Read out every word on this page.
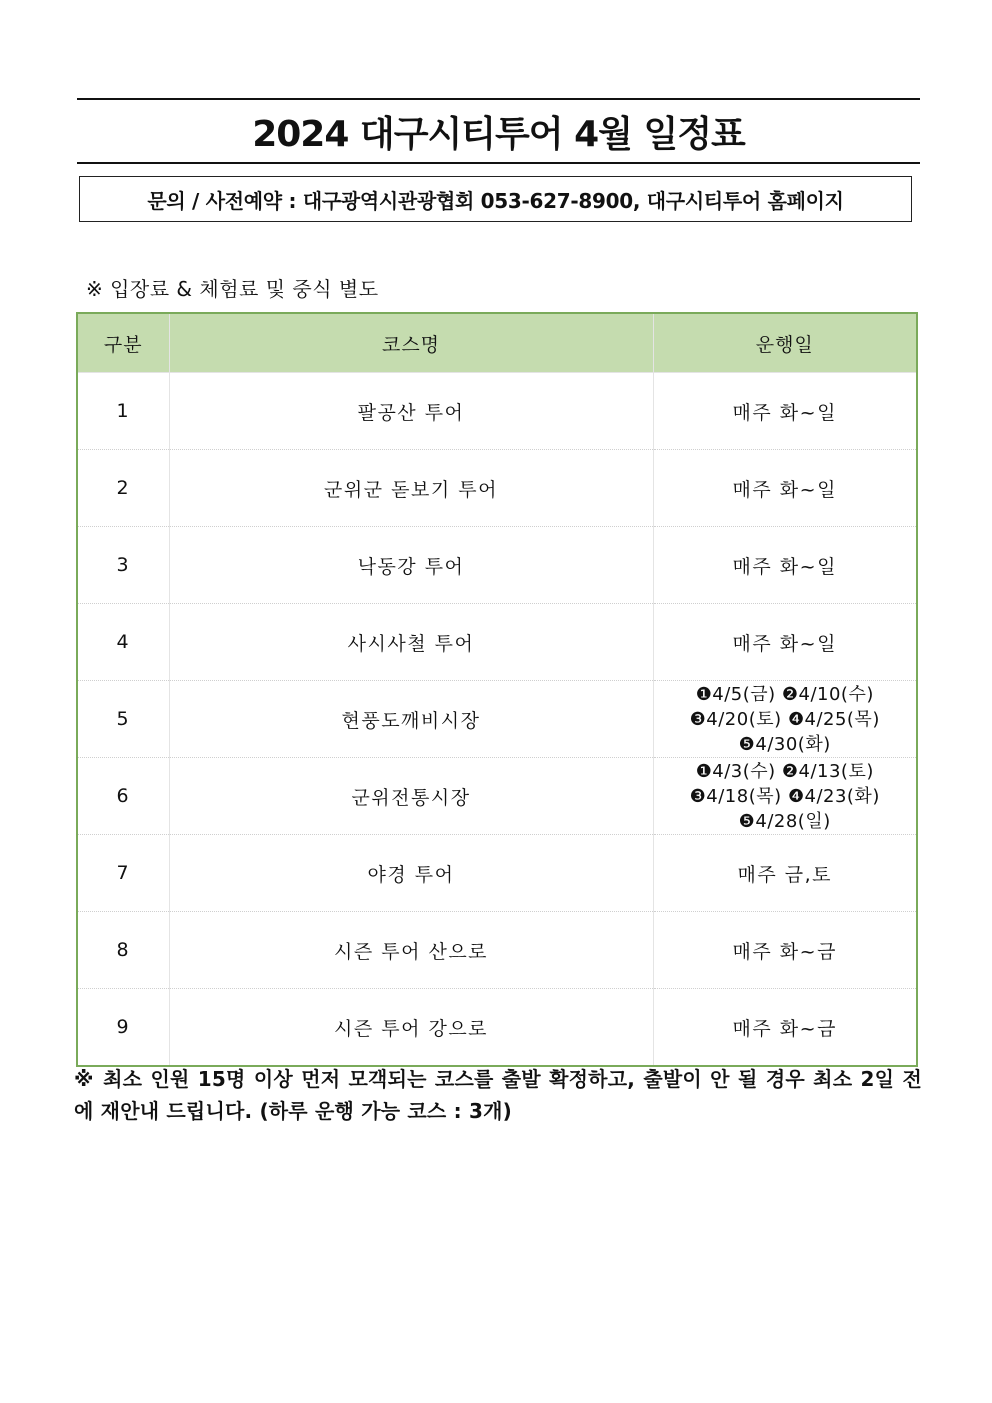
2024 대구시티투어 4월 일정표
문의 / 사전예약 : 대구광역시관광협회 053-627-8900, 대구시티투어 홈페이지
※ 입장료 & 체험료 및 중식 별도
구분	코스명	운행일
1	팔공산 투어	매주 화~일

2	군위군 돋보기 투어	매주 화~일

3	낙동강 투어	매주 화~일

4	사시사철 투어	매주 화~일

5	현풍도깨비시장	❶4/5(금) ❷4/10(수)
❸4/20(토) ❹4/25(목)
❺4/30(화)

6	군위전통시장	❶4/3(수) ❷4/13(토)
❸4/18(목) ❹4/23(화)
❺4/28(일)

7	야경 투어	매주 금,토

8	시즌 투어 산으로	매주 화~금

9	시즌 투어 강으로	매주 화~금
※ 최소 인원 15명 이상 먼저 모객되는 코스를 출발 확정하고, 출발이 안 될 경우 최소 2일 전에 재안내 드립니다. (하루 운행 가능 코스 : 3개)
